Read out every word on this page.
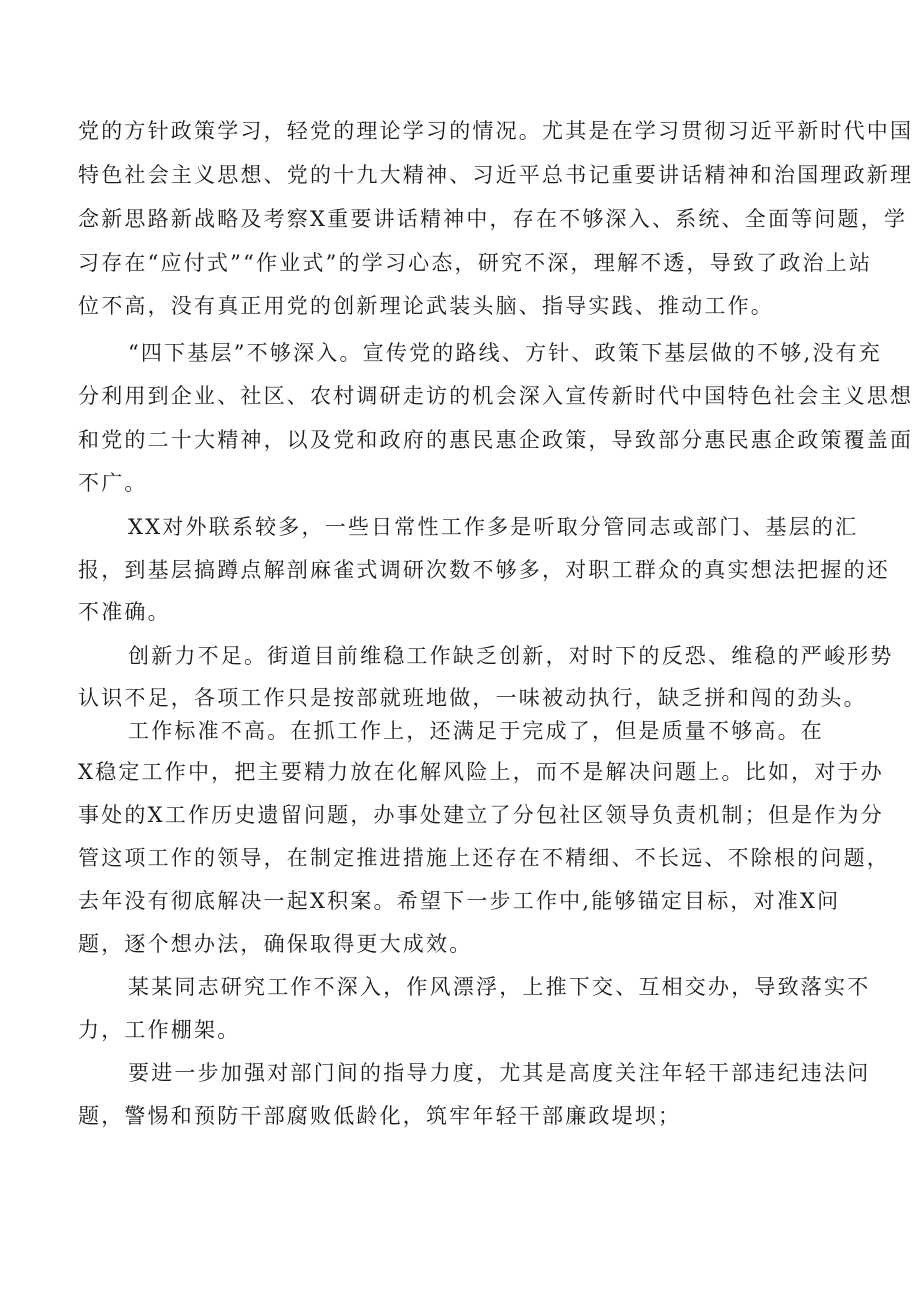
党的方针政策学习，轻党的理论学习的情况。尤其是在学习贯彻习近平新时代中国
特色社会主义思想、党的十九大精神、习近平总书记重要讲话精神和治国理政新理
念新思路新战略及考察X重要讲话精神中，存在不够深入、系统、全面等问题，学
习存在“应付式”“作业式”的学习心态，研究不深，理解不透，导致了政治上站
位不高，没有真正用党的创新理论武装头脑、指导实践、推动工作。
“四下基层”不够深入。宣传党的路线、方针、政策下基层做的不够,没有充
分利用到企业、社区、农村调研走访的机会深入宣传新时代中国特色社会主义思想
和党的二十大精神，以及党和政府的惠民惠企政策，导致部分惠民惠企政策覆盖面
不广。
XX对外联系较多，一些日常性工作多是听取分管同志或部门、基层的汇
报，到基层搞蹲点解剖麻雀式调研次数不够多，对职工群众的真实想法把握的还
不准确。
创新力不足。街道目前维稳工作缺乏创新，对时下的反恐、维稳的严峻形势
认识不足，各项工作只是按部就班地做，一味被动执行，缺乏拼和闯的劲头。
工作标准不高。在抓工作上，还满足于完成了，但是质量不够高。在
X稳定工作中，把主要精力放在化解风险上，而不是解决问题上。比如，对于办
事处的X工作历史遗留问题，办事处建立了分包社区领导负责机制；但是作为分
管这项工作的领导，在制定推进措施上还存在不精细、不长远、不除根的问题，
去年没有彻底解决一起X积案。希望下一步工作中,能够锚定目标，对准X问
题，逐个想办法，确保取得更大成效。
某某同志研究工作不深入，作风漂浮，上推下交、互相交办，导致落实不
力，工作棚架。
要进一步加强对部门间的指导力度，尤其是高度关注年轻干部违纪违法问
题，警惕和预防干部腐败低龄化，筑牢年轻干部廉政堤坝；
